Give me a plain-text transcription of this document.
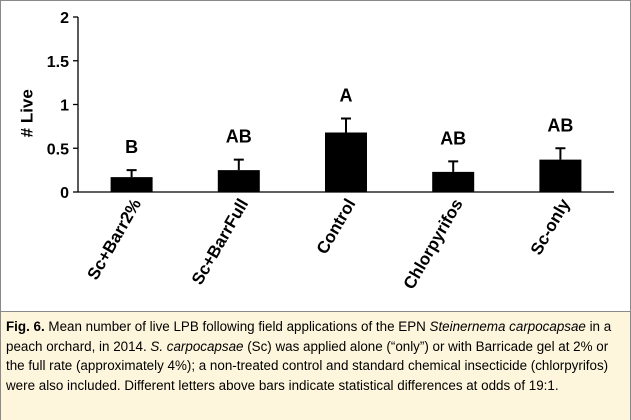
0
0.5
1
1.5
2
# Live
B
Sc+Barr2%
AB
Sc+BarrFull
A
Control
AB
Chlorpyrifos
AB
Sc-only
Fig. 6. Mean number of live LPB following field applications of the EPN Steinernema carpocapsae in a peach orchard, in 2014. S. carpocapsae (Sc) was applied alone (“only”) or with Barricade gel at 2% or the full rate (approximately 4%); a non-treated control and standard chemical insecticide (chlorpyrifos) were also included. Different letters above bars indicate statistical differences at odds of 19:1.
